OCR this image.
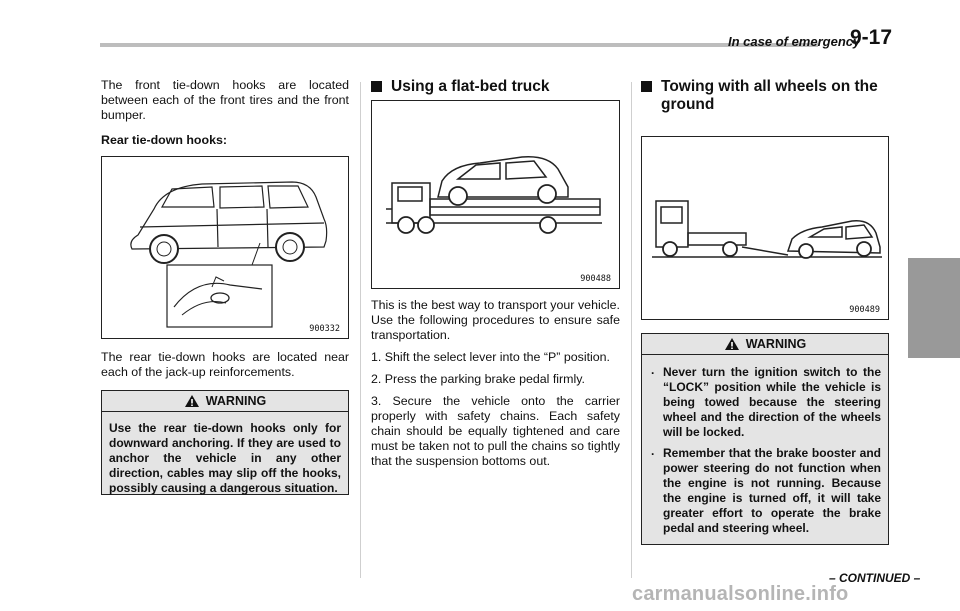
In case of emergency
9-17

The front tie-down hooks are located between each of the front tires and the front bumper.

Rear tie-down hooks:

900332

The rear tie-down hooks are located near each of the jack-up reinforcements.

WARNING
Use the rear tie-down hooks only for downward anchoring. If they are used to anchor the vehicle in any other direction, cables may slip off the hooks, possibly causing a dangerous situation.
Using a flat-bed truck
900488

This is the best way to transport your vehicle. Use the following procedures to ensure safe transportation.

1. Shift the select lever into the “P” position.

2. Press the parking brake pedal firmly.

3. Secure the vehicle onto the carrier properly with safety chains. Each safety chain should be equally tightened and care must be taken not to pull the chains so tightly that the suspension bottoms out.

Towing with all wheels on the ground
900489
WARNING
. Never turn the ignition switch to the “LOCK” position while the vehicle is being towed because the steering wheel and the direction of the wheels will be locked.
. Remember that the brake booster and power steering do not function when the engine is not running. Because the engine is turned off, it will take greater effort to operate the brake pedal and steering wheel.
– CONTINUED –
carmanualsonline.info
